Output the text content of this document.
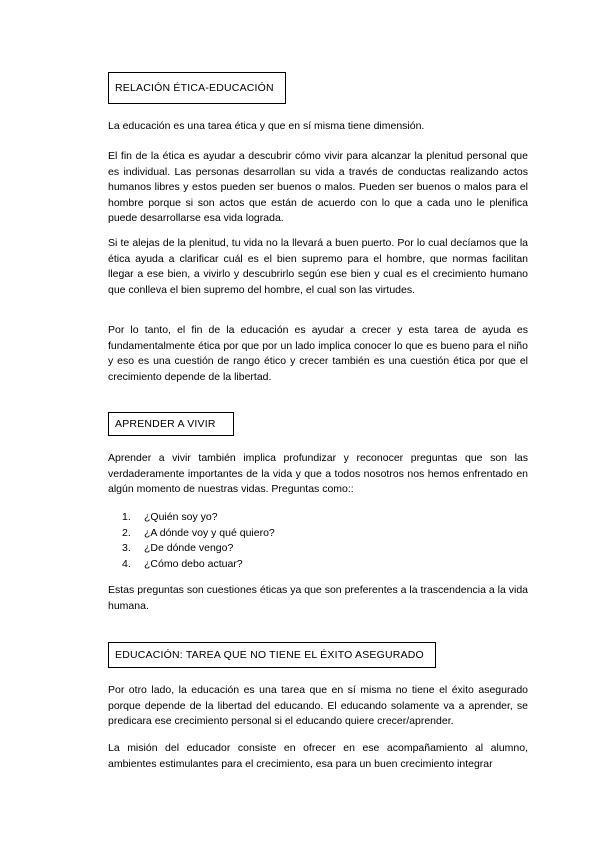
RELACIÓN ÉTICA-EDUCACIÓN

La educación es una tarea ética y que en sí misma tiene dimensión.

El fin de la ética es ayudar a descubrir cómo vivir para alcanzar la plenitud personal que es individual. Las personas desarrollan su vida a través de conductas realizando actos humanos libres y estos pueden ser buenos o malos. Pueden ser buenos o malos para el hombre porque si son actos que están de acuerdo con lo que a cada uno le plenifica puede desarrollarse esa vida lograda.

Si te alejas de la plenitud, tu vida no la llevará a buen puerto. Por lo cual decíamos que la ética ayuda a clarificar cuál es el bien supremo para el hombre, que normas facilitan llegar a ese bien, a vivirlo y descubrirlo según ese bien y cual es el crecimiento humano que conlleva el bien supremo del hombre, el cual son las virtudes.

Por lo tanto, el fin de la educación es ayudar a crecer y esta tarea de ayuda es fundamentalmente ética por que por un lado implica conocer lo que es bueno para el niño y eso es una cuestión de rango ético y crecer también es una cuestión ética por que el crecimiento depende de la libertad.

APRENDER A VIVIR

Aprender a vivir también implica profundizar y reconocer preguntas que son las verdaderamente importantes de la vida y que a todos nosotros nos hemos enfrentado en algún momento de nuestras vidas. Preguntas como::

1.	¿Quién soy yo?
2.	¿A dónde voy y qué quiero?
3.	¿De dónde vengo?
4.	¿Cómo debo actuar?

Estas preguntas son cuestiones éticas ya que son preferentes a la trascendencia a la vida humana.

EDUCACIÓN: TAREA QUE NO TIENE EL ÉXITO ASEGURADO

Por otro lado, la educación es una tarea que en sí misma no tiene el éxito asegurado porque depende de la libertad del educando. El educando solamente va a aprender, se predicara ese crecimiento personal si el educando quiere crecer/aprender.

La misión del educador consiste en ofrecer en ese acompañamiento al alumno, ambientes estimulantes para el crecimiento, esa para un buen crecimiento integrar
